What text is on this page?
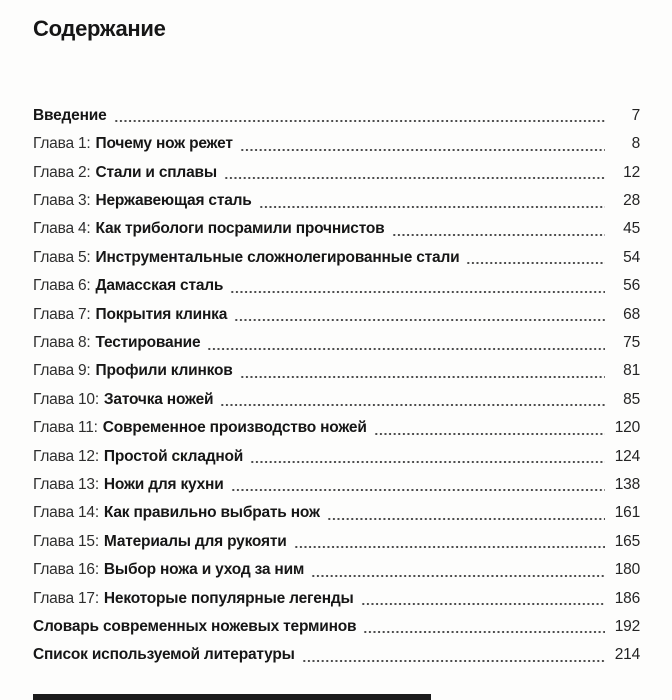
Содержание
Введение	7
Глава 1: Почему нож режет	8
Глава 2: Стали и сплавы	12
Глава 3: Нержавеющая сталь	28
Глава 4: Как трибологи посрамили прочнистов	45
Глава 5: Инструментальные сложнолегированные стали	54
Глава 6: Дамасская сталь	56
Глава 7: Покрытия клинка	68
Глава 8: Тестирование	75
Глава 9: Профили клинков	81
Глава 10: Заточка ножей	85
Глава 11: Современное производство ножей	120
Глава 12: Простой складной	124
Глава 13: Ножи для кухни	138
Глава 14: Как правильно выбрать нож	161
Глава 15: Материалы для рукояти	165
Глава 16: Выбор ножа и уход за ним	180
Глава 17: Некоторые популярные легенды	186
Словарь современных ножевых терминов	192
Список используемой литературы	214
